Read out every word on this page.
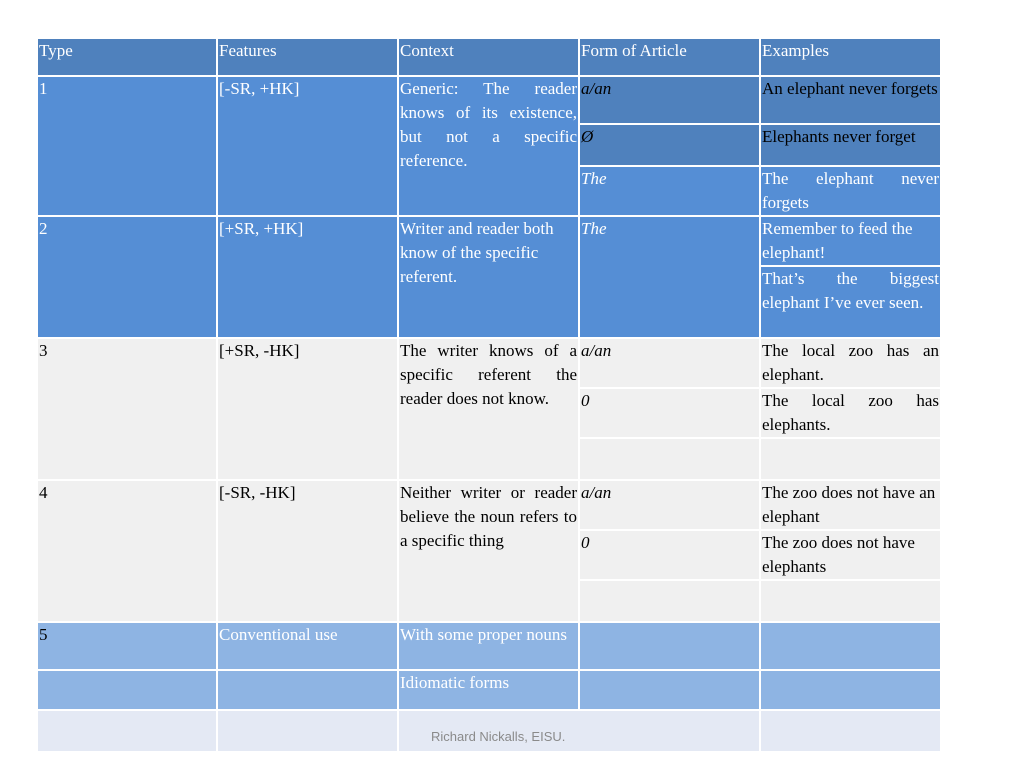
Type	Features	Context	Form of Article	Examples
1	[-SR, +HK]	Generic: The reader knows of its existence, but not a specific reference.	a/an	An elephant never forgets
			Ø	Elephants never forget
			The	The elephant never forgets
2	[+SR, +HK]	Writer and reader both know of the specific referent.	The	Remember to feed the elephant!
				That’s the biggest elephant I’ve ever seen.
3	[+SR, -HK]	The writer knows of a specific referent the reader does not know.	a/an	The local zoo has an elephant.
			0	The local zoo has elephants.

4	[-SR, -HK]	Neither writer or reader believe the noun refers to a specific thing	a/an	The zoo does not have an elephant
			0	The zoo does not have elephants

5	Conventional use	With some proper nouns		
		Idiomatic forms		

		Richard Nickalls, EISU.		
